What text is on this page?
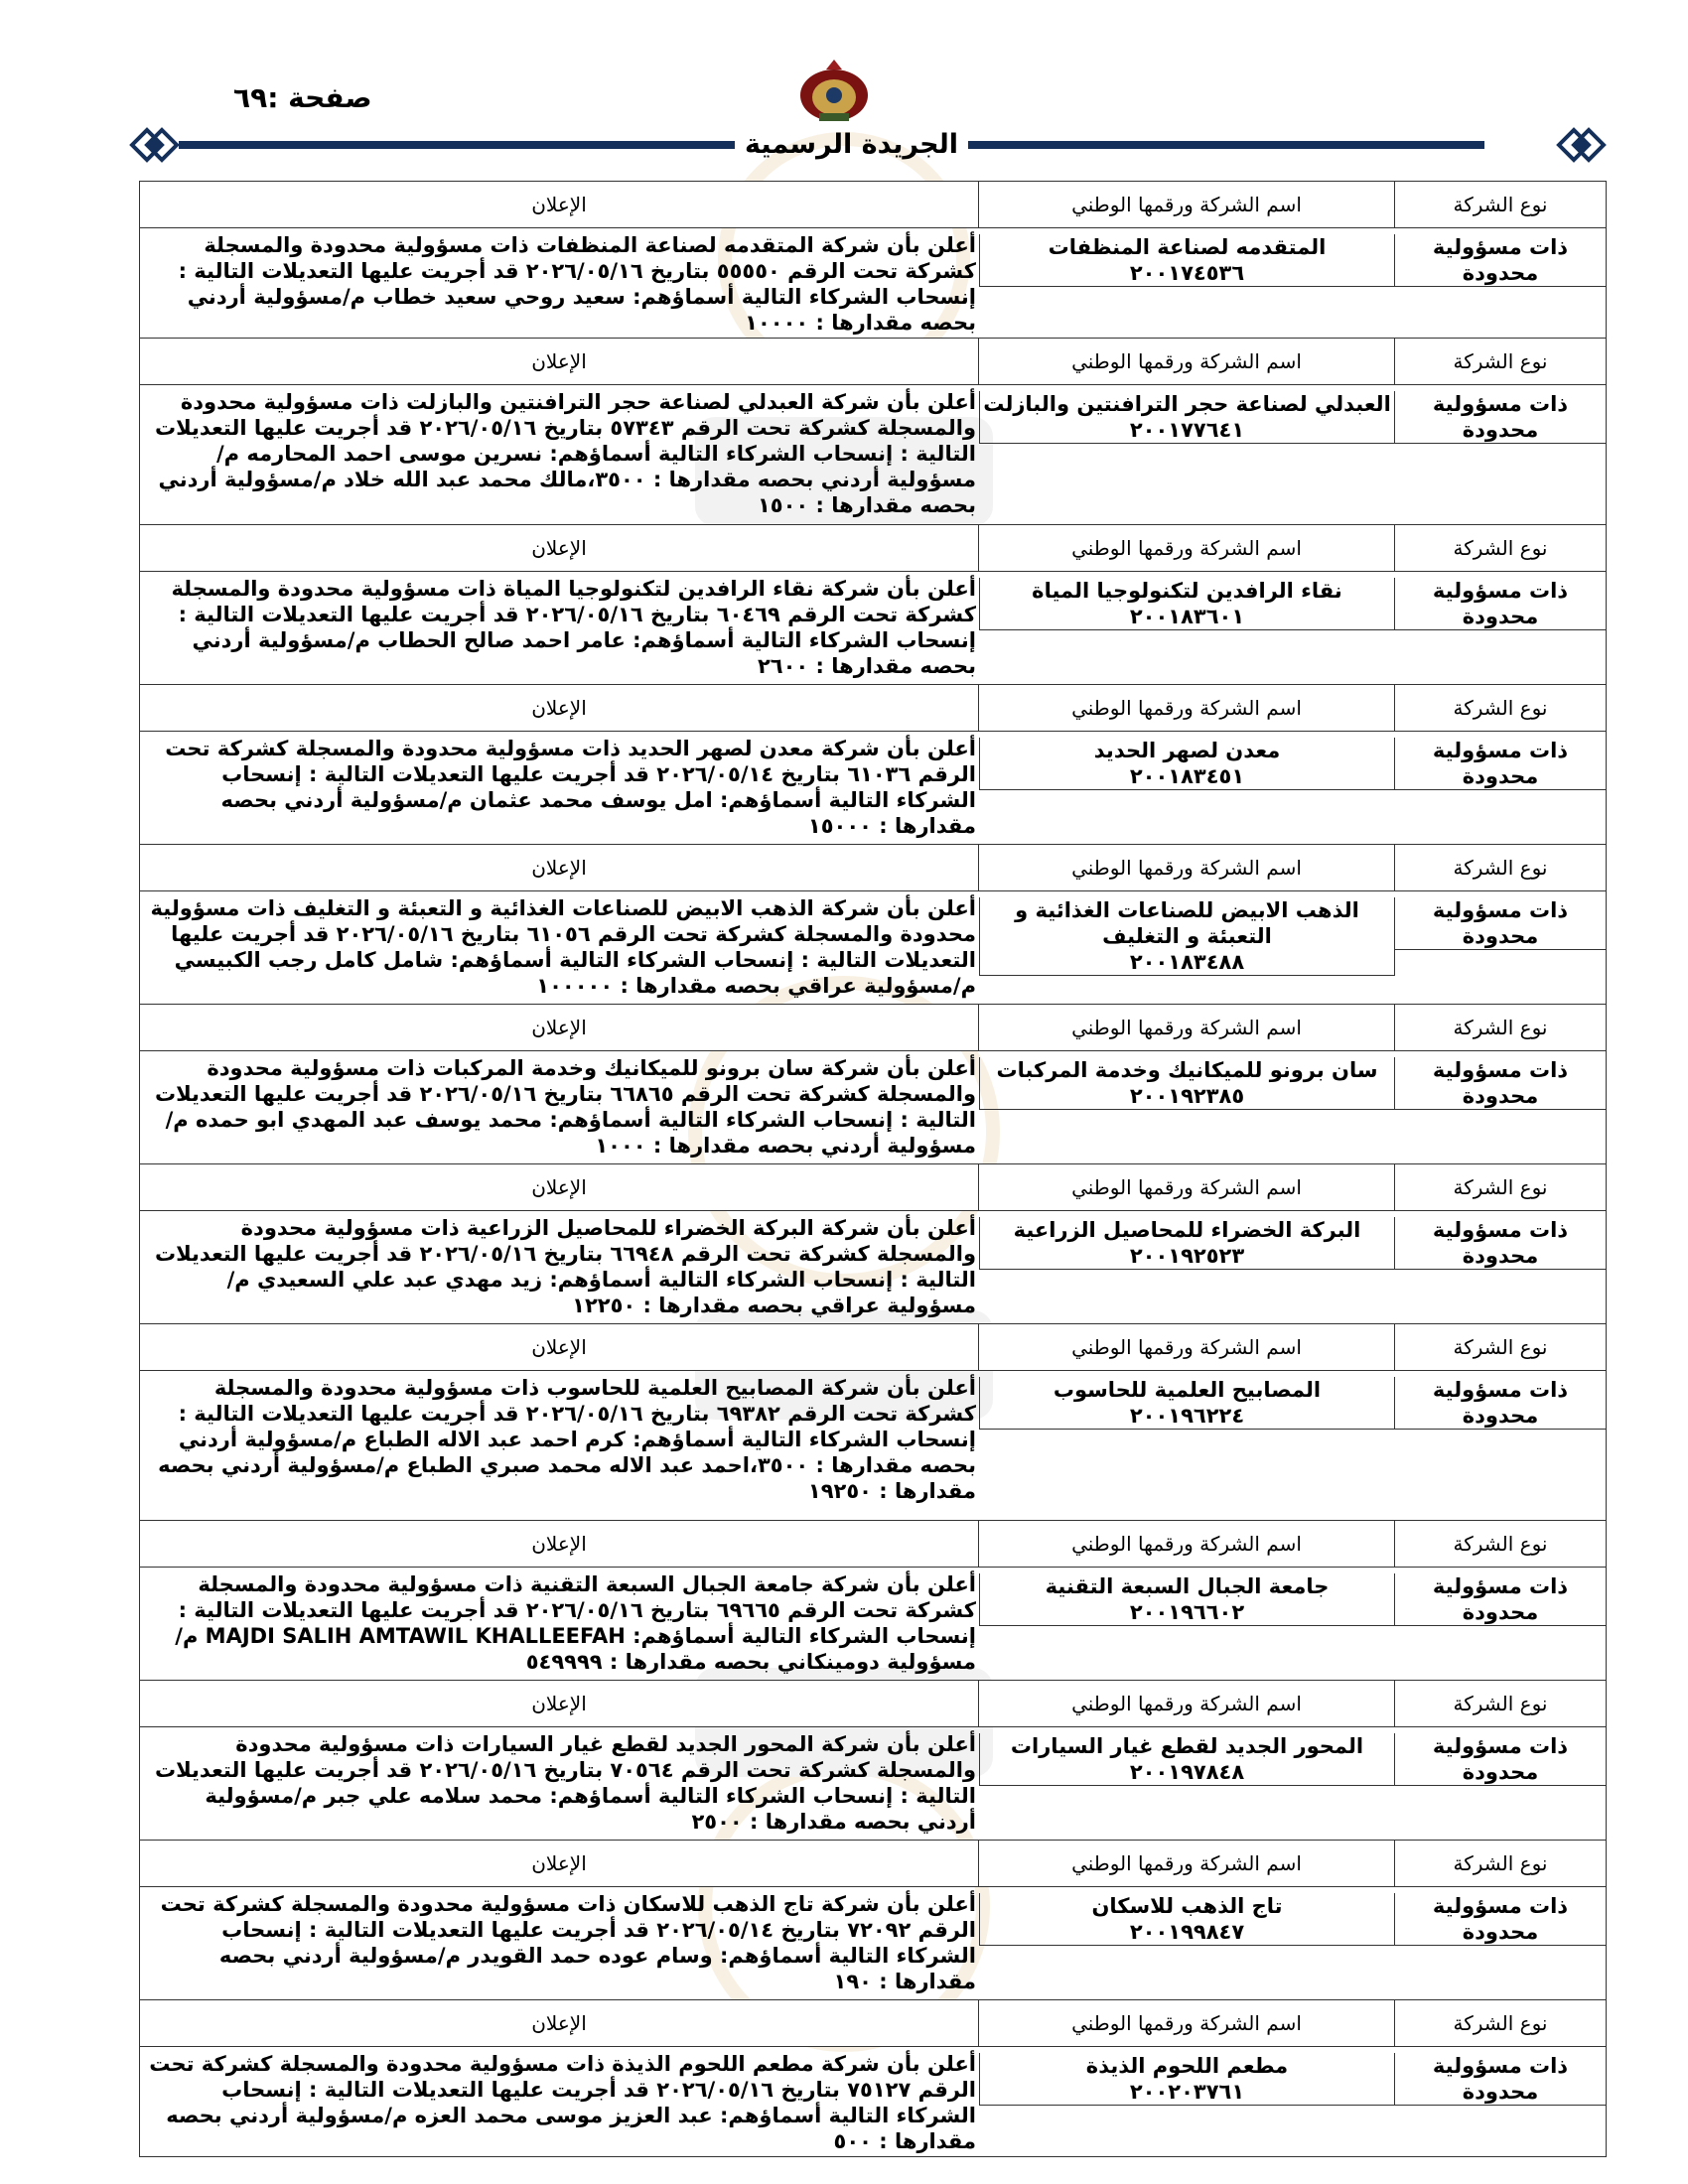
صفحة :٦٩
الجريدة الرسمية
نوع الشركة
اسم الشركة ورقمها الوطني
الإعلان
ذات مسؤولية محدودة
المتقدمه لصناعة المنظفات
٢٠٠١٧٤٥٣٦
أعلن بأن شركة المتقدمه لصناعة المنظفات ذات مسؤولية محدودة والمسجلة كشركة تحت الرقم ٥٥٥٥٠ بتاريخ ٢٠٢٦/٠٥/١٦ قد أجريت عليها التعديلات التالية : إنسحاب الشركاء التالية أسماؤهم: سعيد روحي سعيد خطاب م/مسؤولية أردني بحصه مقدارها : ١٠٠٠٠
نوع الشركة
اسم الشركة ورقمها الوطني
الإعلان
ذات مسؤولية محدودة
العبدلي لصناعة حجر الترافنتين والبازلت
٢٠٠١٧٧٦٤١
أعلن بأن شركة العبدلي لصناعة حجر الترافنتين والبازلت ذات مسؤولية محدودة والمسجلة كشركة تحت الرقم ٥٧٣٤٣ بتاريخ ٢٠٢٦/٠٥/١٦ قد أجريت عليها التعديلات التالية : إنسحاب الشركاء التالية أسماؤهم: نسرين موسى احمد المحارمه م/مسؤولية أردني بحصه مقدارها : ٣٥٠٠،مالك محمد عبد الله خلاد م/مسؤولية أردني بحصه مقدارها : ١٥٠٠
نوع الشركة
اسم الشركة ورقمها الوطني
الإعلان
ذات مسؤولية محدودة
نقاء الرافدين لتكنولوجيا المياة
٢٠٠١٨٣٦٠١
أعلن بأن شركة نقاء الرافدين لتكنولوجيا المياة ذات مسؤولية محدودة والمسجلة كشركة تحت الرقم ٦٠٤٦٩ بتاريخ ٢٠٢٦/٠٥/١٦ قد أجريت عليها التعديلات التالية : إنسحاب الشركاء التالية أسماؤهم: عامر احمد صالح الحطاب م/مسؤولية أردني بحصه مقدارها : ٢٦٠٠
نوع الشركة
اسم الشركة ورقمها الوطني
الإعلان
ذات مسؤولية محدودة
معدن لصهر الحديد
٢٠٠١٨٣٤٥١
أعلن بأن شركة معدن لصهر الحديد ذات مسؤولية محدودة والمسجلة كشركة تحت الرقم ٦١٠٣٦ بتاريخ ٢٠٢٦/٠٥/١٤ قد أجريت عليها التعديلات التالية : إنسحاب الشركاء التالية أسماؤهم: امل يوسف محمد عثمان م/مسؤولية أردني بحصه مقدارها : ١٥٠٠٠
نوع الشركة
اسم الشركة ورقمها الوطني
الإعلان
ذات مسؤولية محدودة
الذهب الابيض للصناعات الغذائية و التعبئة و التغليف
٢٠٠١٨٣٤٨٨
أعلن بأن شركة الذهب الابيض للصناعات الغذائية و التعبئة و التغليف ذات مسؤولية محدودة والمسجلة كشركة تحت الرقم ٦١٠٥٦ بتاريخ ٢٠٢٦/٠٥/١٦ قد أجريت عليها التعديلات التالية : إنسحاب الشركاء التالية أسماؤهم: شامل كامل رجب الكبيسي م/مسؤولية عراقي بحصه مقدارها : ١٠٠٠٠٠
نوع الشركة
اسم الشركة ورقمها الوطني
الإعلان
ذات مسؤولية محدودة
سان برونو للميكانيك وخدمة المركبات
٢٠٠١٩٢٣٨٥
أعلن بأن شركة سان برونو للميكانيك وخدمة المركبات ذات مسؤولية محدودة والمسجلة كشركة تحت الرقم ٦٦٨٦٥ بتاريخ ٢٠٢٦/٠٥/١٦ قد أجريت عليها التعديلات التالية : إنسحاب الشركاء التالية أسماؤهم: محمد يوسف عبد المهدي ابو حمده م/مسؤولية أردني بحصه مقدارها : ١٠٠٠
نوع الشركة
اسم الشركة ورقمها الوطني
الإعلان
ذات مسؤولية محدودة
البركة الخضراء للمحاصيل الزراعية
٢٠٠١٩٢٥٢٣
أعلن بأن شركة البركة الخضراء للمحاصيل الزراعية ذات مسؤولية محدودة والمسجلة كشركة تحت الرقم ٦٦٩٤٨ بتاريخ ٢٠٢٦/٠٥/١٦ قد أجريت عليها التعديلات التالية : إنسحاب الشركاء التالية أسماؤهم: زيد مهدي عبد علي السعيدي م/مسؤولية عراقي بحصه مقدارها : ١٢٢٥٠
نوع الشركة
اسم الشركة ورقمها الوطني
الإعلان
ذات مسؤولية محدودة
المصابيح العلمية للحاسوب
٢٠٠١٩٦٢٢٤
أعلن بأن شركة المصابيح العلمية للحاسوب ذات مسؤولية محدودة والمسجلة كشركة تحت الرقم ٦٩٣٨٢ بتاريخ ٢٠٢٦/٠٥/١٦ قد أجريت عليها التعديلات التالية : إنسحاب الشركاء التالية أسماؤهم: كرم احمد عبد الاله الطباع م/مسؤولية أردني بحصه مقدارها : ٣٥٠٠،احمد عبد الاله محمد صبري الطباع م/مسؤولية أردني بحصه مقدارها : ١٩٢٥٠
نوع الشركة
اسم الشركة ورقمها الوطني
الإعلان
ذات مسؤولية محدودة
جامعة الجبال السبعة التقنية
٢٠٠١٩٦٦٠٢
أعلن بأن شركة جامعة الجبال السبعة التقنية ذات مسؤولية محدودة والمسجلة كشركة تحت الرقم ٦٩٦٦٥ بتاريخ ٢٠٢٦/٠٥/١٦ قد أجريت عليها التعديلات التالية : إنسحاب الشركاء التالية أسماؤهم: MAJDI SALIH AMTAWIL KHALLEEFAH م/مسؤولية دومينكاني بحصه مقدارها : ٥٤٩٩٩٩
نوع الشركة
اسم الشركة ورقمها الوطني
الإعلان
ذات مسؤولية محدودة
المحور الجديد لقطع غيار السيارات
٢٠٠١٩٧٨٤٨
أعلن بأن شركة المحور الجديد لقطع غيار السيارات ذات مسؤولية محدودة والمسجلة كشركة تحت الرقم ٧٠٥٦٤ بتاريخ ٢٠٢٦/٠٥/١٦ قد أجريت عليها التعديلات التالية : إنسحاب الشركاء التالية أسماؤهم: محمد سلامه علي جبر م/مسؤولية أردني بحصه مقدارها : ٢٥٠٠
نوع الشركة
اسم الشركة ورقمها الوطني
الإعلان
ذات مسؤولية محدودة
تاج الذهب للاسكان
٢٠٠١٩٩٨٤٧
أعلن بأن شركة تاج الذهب للاسكان ذات مسؤولية محدودة والمسجلة كشركة تحت الرقم ٧٢٠٩٢ بتاريخ ٢٠٢٦/٠٥/١٤ قد أجريت عليها التعديلات التالية : إنسحاب الشركاء التالية أسماؤهم: وسام عوده حمد القويدر م/مسؤولية أردني بحصه مقدارها : ١٩٠
نوع الشركة
اسم الشركة ورقمها الوطني
الإعلان
ذات مسؤولية محدودة
مطعم اللحوم الذيذة
٢٠٠٢٠٣٧٦١
أعلن بأن شركة مطعم اللحوم الذيذة ذات مسؤولية محدودة والمسجلة كشركة تحت الرقم ٧٥١٢٧ بتاريخ ٢٠٢٦/٠٥/١٦ قد أجريت عليها التعديلات التالية : إنسحاب الشركاء التالية أسماؤهم: عبد العزيز موسى محمد العزه م/مسؤولية أردني بحصه مقدارها : ٥٠٠
